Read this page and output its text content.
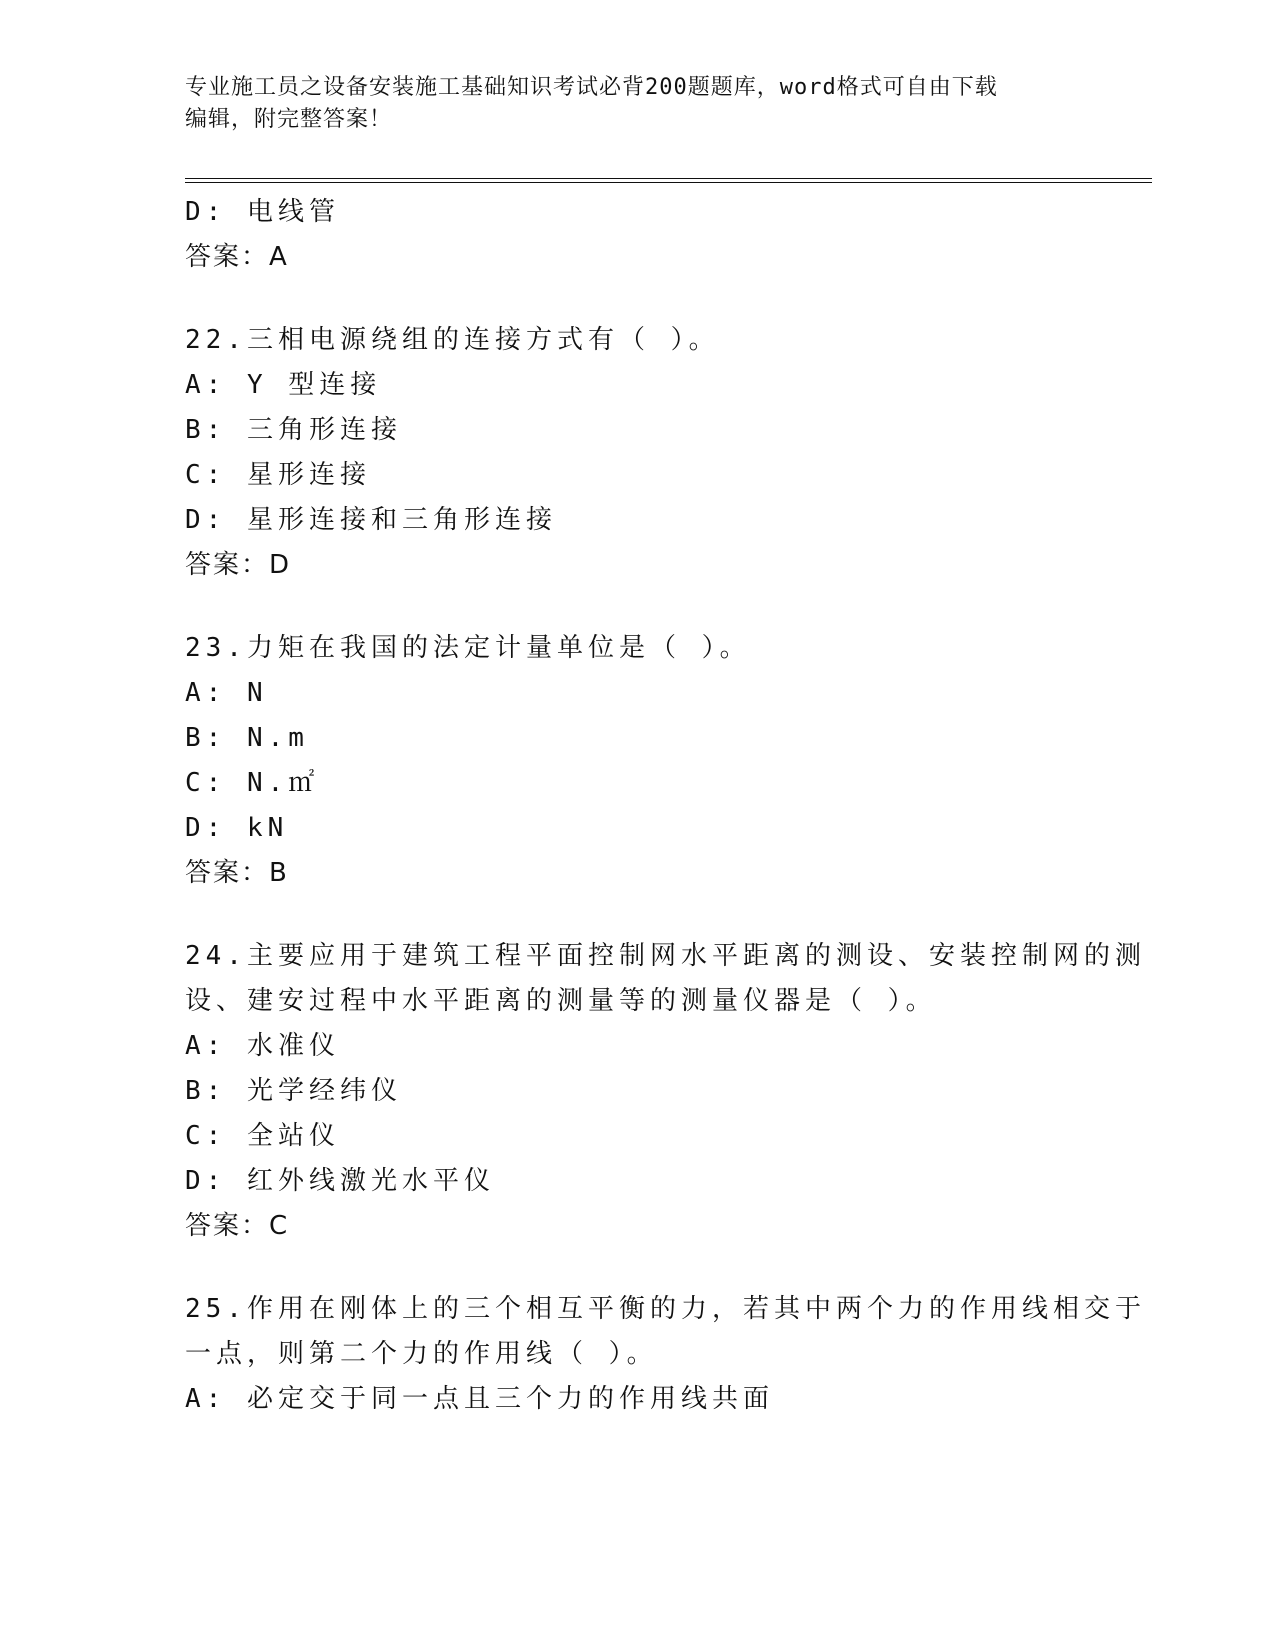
专业施工员之设备安装施工基础知识考试必背200题题库，word格式可自由下载
编辑，附完整答案！
D: 电线管
答案：A
22.三相电源绕组的连接方式有（ ）。
A: Y 型连接
B: 三角形连接
C: 星形连接
D: 星形连接和三角形连接
答案：D
23.力矩在我国的法定计量单位是（ ）。
A: N
B: N.m
C: N.㎡
D: kN
答案：B
24.主要应用于建筑工程平面控制网水平距离的测设、安装控制网的测
设、建安过程中水平距离的测量等的测量仪器是（ ）。
A: 水准仪
B: 光学经纬仪
C: 全站仪
D: 红外线激光水平仪
答案：C
25.作用在刚体上的三个相互平衡的力，若其中两个力的作用线相交于
一点，则第二个力的作用线（ ）。
A: 必定交于同一点且三个力的作用线共面
